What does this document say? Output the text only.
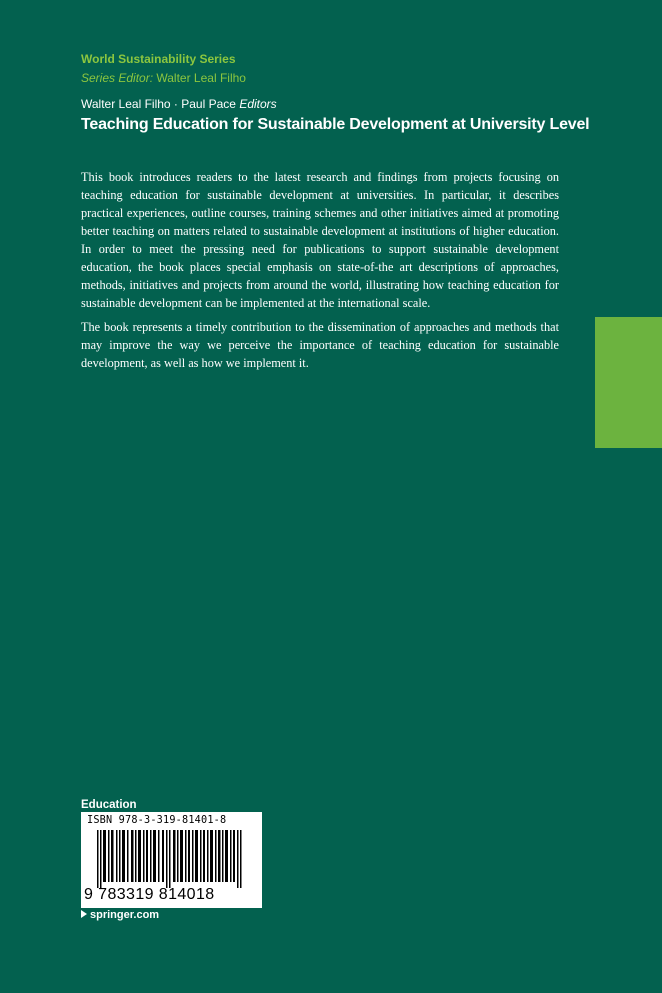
World Sustainability Series
Series Editor: Walter Leal Filho
Walter Leal Filho · Paul Pace Editors
Teaching Education for Sustainable Development at University Level

This book introduces readers to the latest research and findings from projects focusing on teaching education for sustainable development at universities. In particular, it describes practical experiences, outline courses, training schemes and other initiatives aimed at promoting better teaching on matters related to sustainable development at institutions of higher education. In order to meet the pressing need for publications to support sustainable development education, the book places special emphasis on state-of-the art descriptions of approaches, methods, initiatives and projects from around the world, illustrating how teaching education for sustainable development can be implemented at the international scale.

The book represents a timely contribution to the dissemination of approaches and methods that may improve the way we perceive the importance of teaching education for sustainable development, as well as how we implement it.

Education
ISBN 978-3-319-81401-8
9 783319 814018
springer.com
